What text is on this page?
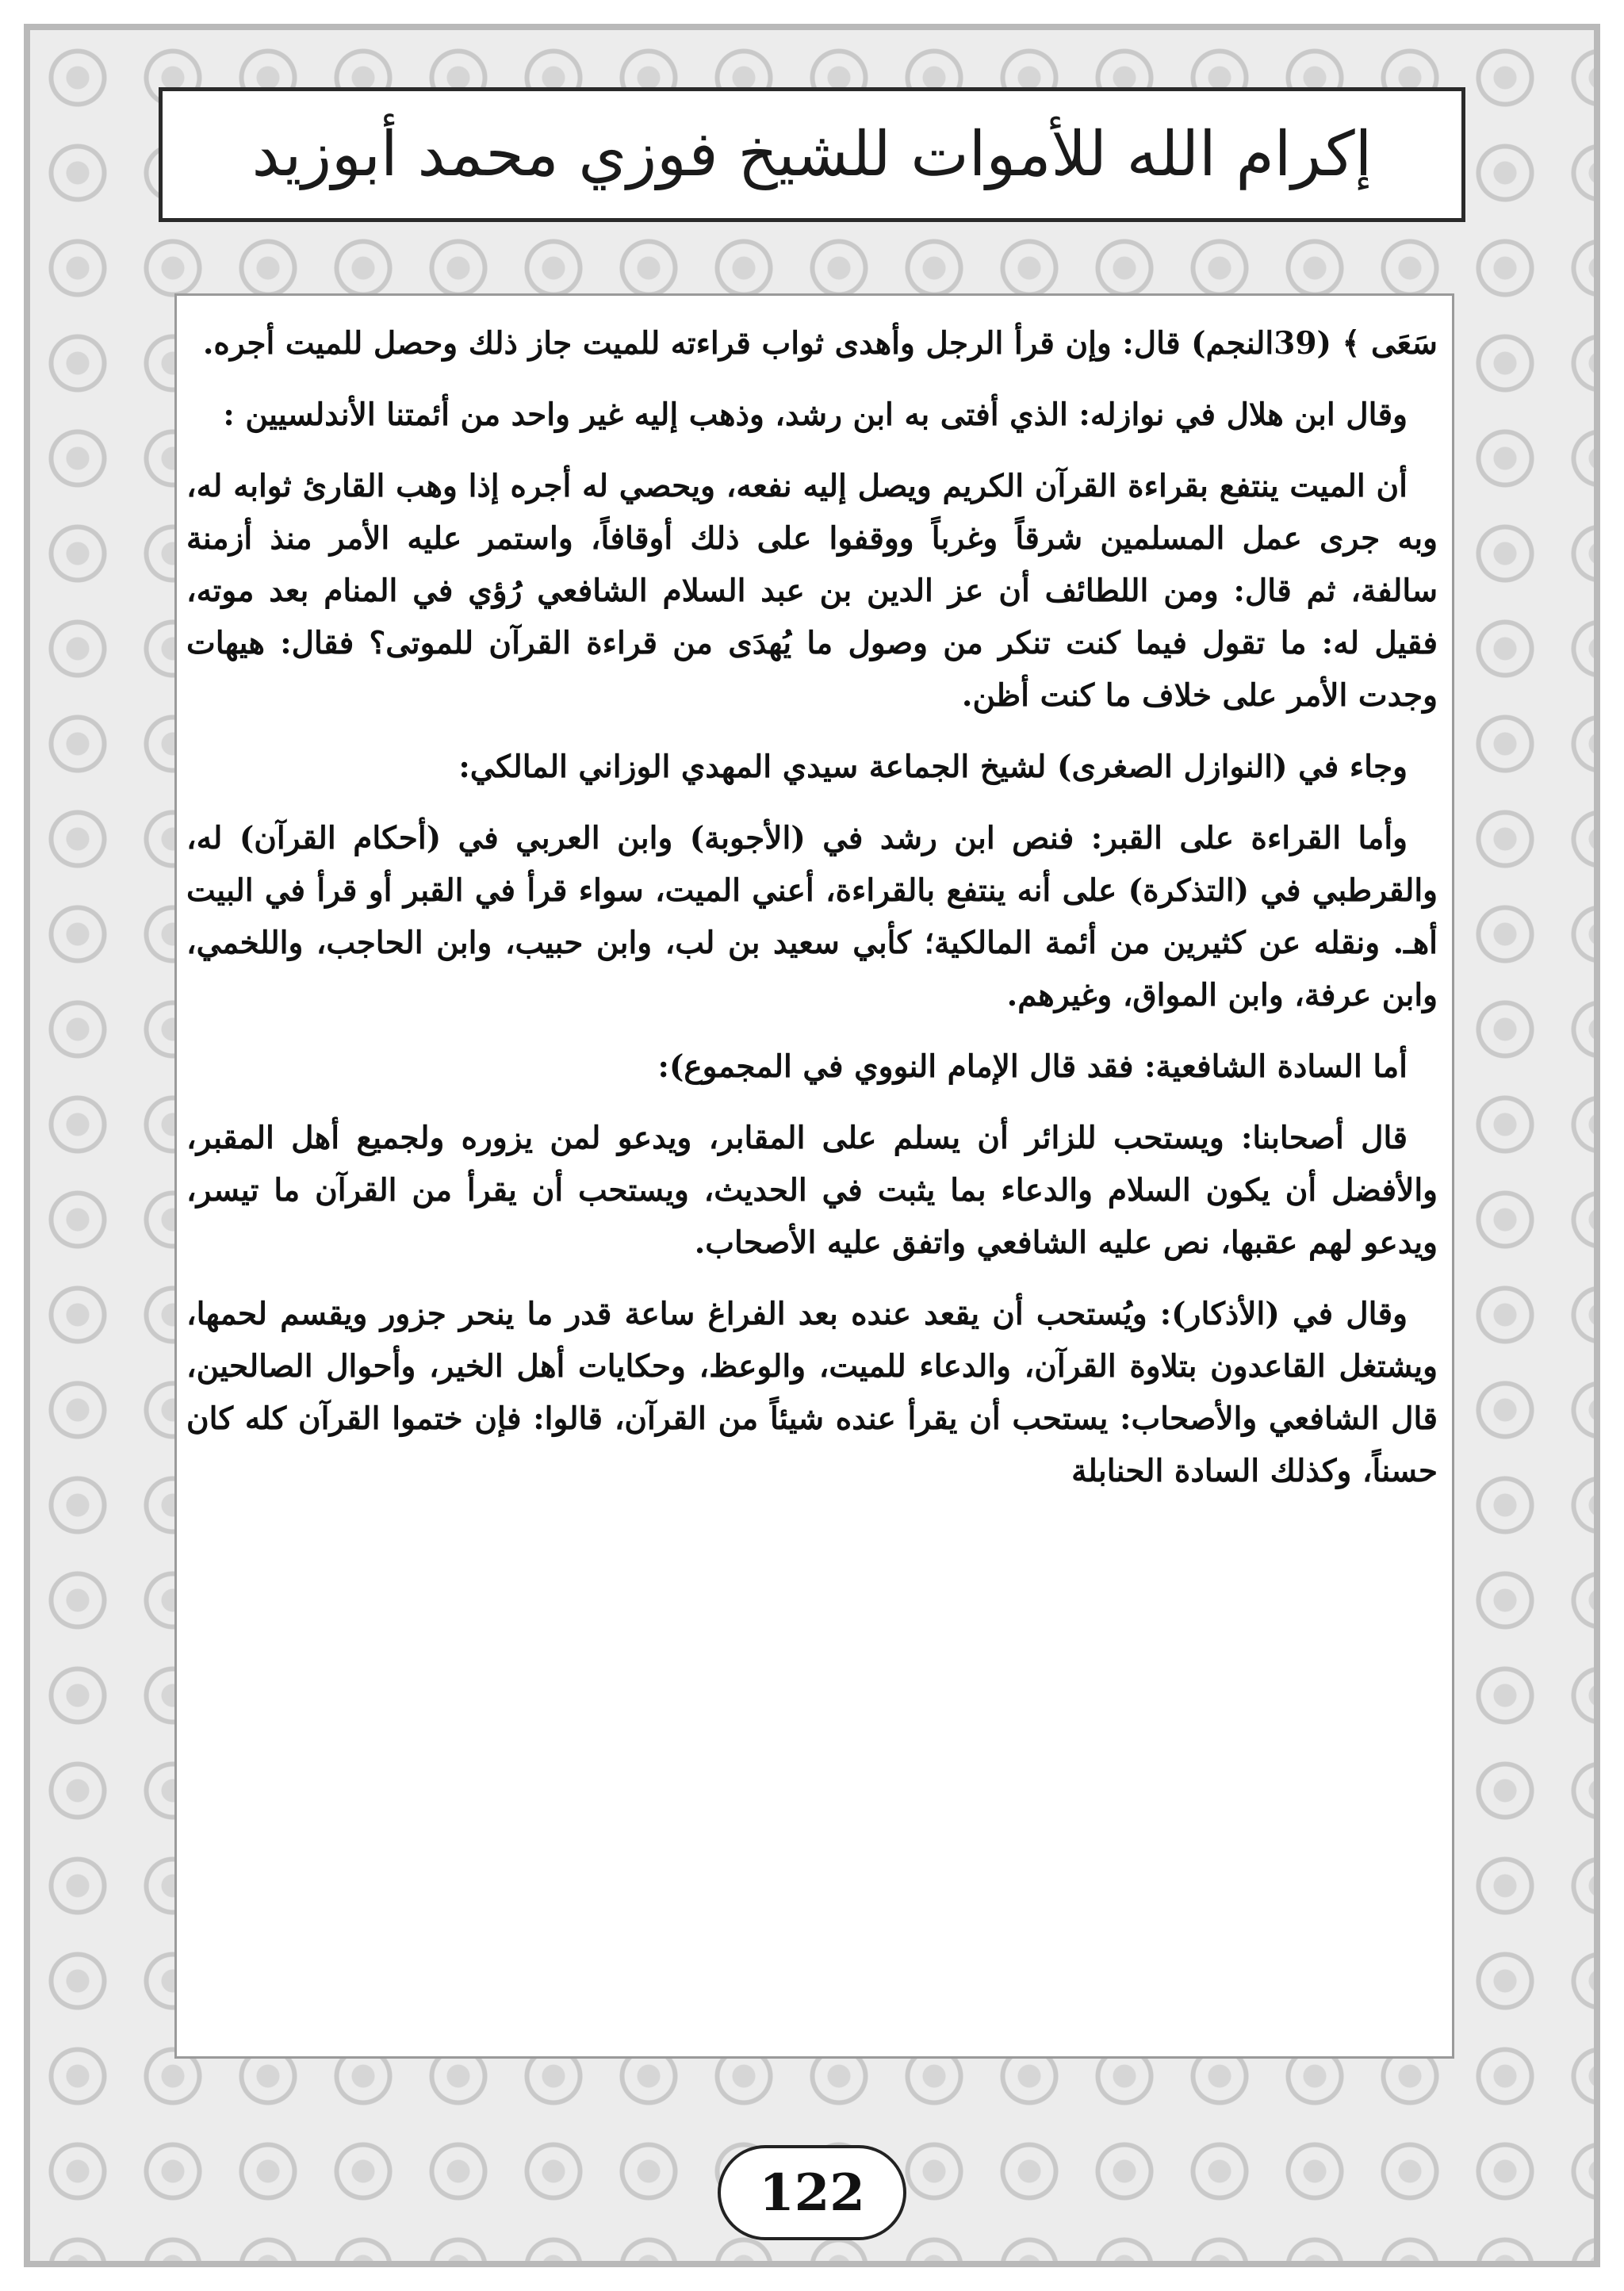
إكرام الله للأموات للشيخ فوزي محمد أبوزيد

سَعَى ﴾ (39النجم) قال: وإن قرأ الرجل وأهدى ثواب قراءته للميت جاز ذلك وحصل للميت أجره.

وقال ابن هلال في نوازله: الذي أفتى به ابن رشد، وذهب إليه غير واحد من أئمتنا الأندلسيين :

أن الميت ينتفع بقراءة القرآن الكريم ويصل إليه نفعه، ويحصي له أجره إذا وهب القارئ ثوابه له، وبه جرى عمل المسلمين شرقاً وغرباً ووقفوا على ذلك أوقافاً، واستمر عليه الأمر منذ أزمنة سالفة، ثم قال: ومن اللطائف أن عز الدين بن عبد السلام الشافعي رُؤي في المنام بعد موته، فقيل له: ما تقول فيما كنت تنكر من وصول ما يُهدَى من قراءة القرآن للموتى؟ فقال: هيهات وجدت الأمر على خلاف ما كنت أظن.

وجاء في (النوازل الصغرى) لشيخ الجماعة سيدي المهدي الوزاني المالكي:

وأما القراءة على القبر: فنص ابن رشد في (الأجوبة) وابن العربي في (أحكام القرآن) له، والقرطبي في (التذكرة) على أنه ينتفع بالقراءة، أعني الميت، سواء قرأ في القبر أو قرأ في البيت أهـ. ونقله عن كثيرين من أئمة المالكية؛ كأبي سعيد بن لب، وابن حبيب، وابن الحاجب، واللخمي، وابن عرفة، وابن المواق، وغيرهم.

أما السادة الشافعية: فقد قال الإمام النووي في المجموع):

قال أصحابنا: ويستحب للزائر أن يسلم على المقابر، ويدعو لمن يزوره ولجميع أهل المقبر، والأفضل أن يكون السلام والدعاء بما يثبت في الحديث، ويستحب أن يقرأ من القرآن ما تيسر، ويدعو لهم عقبها، نص عليه الشافعي واتفق عليه الأصحاب.

وقال في (الأذكار): ويُستحب أن يقعد عنده بعد الفراغ ساعة قدر ما ينحر جزور ويقسم لحمها، ويشتغل القاعدون بتلاوة القرآن، والدعاء للميت، والوعظ، وحكايات أهل الخير، وأحوال الصالحين، قال الشافعي والأصحاب: يستحب أن يقرأ عنده شيئاً من القرآن، قالوا: فإن ختموا القرآن كله كان حسناً، وكذلك السادة الحنابلة

122
